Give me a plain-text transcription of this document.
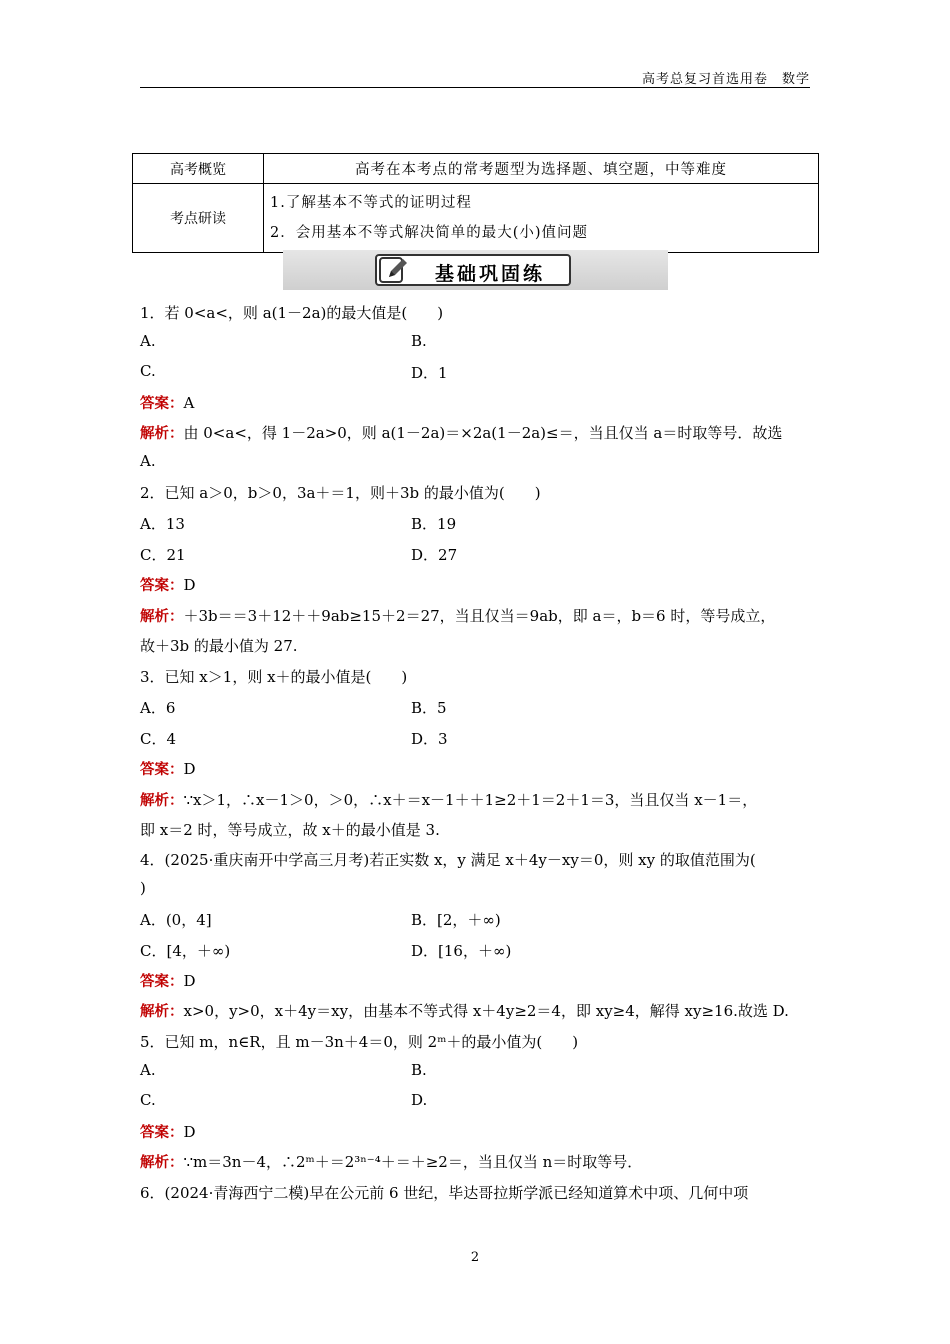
高考总复习首选用卷　数学
高考概览	高考在本考点的常考题型为选择题、填空题，中等难度
考点研读	1.了解基本不等式的证明过程
2．会用基本不等式解决简单的最大(小)值问题
基础巩固练
1．若 0<a<，则 a(1－2a)的最大值是(　　)
A.	B.
C.	D．1
答案：A
解析：由 0<a<，得 1－2a>0，则 a(1－2a)＝×2a(1－2a)≤＝，当且仅当 a＝时取等号．故选
A.
2．已知 a＞0，b＞0，3a＋＝1，则＋3b 的最小值为(　　)
A．13	B．19
C．21	D．27
答案：D
解析：＋3b＝＝3＋12＋＋9ab≥15＋2＝27，当且仅当＝9ab，即 a＝，b＝6 时，等号成立，
故＋3b 的最小值为 27.
3．已知 x＞1，则 x＋的最小值是(　　)
A．6	B．5
C．4	D．3
答案：D
解析：∵x＞1，∴x－1＞0，＞0，∴x＋＝x－1＋＋1≥2＋1＝2＋1＝3，当且仅当 x－1＝，
即 x＝2 时，等号成立，故 x＋的最小值是 3.
4．(2025·重庆南开中学高三月考)若正实数 x，y 满足 x＋4y－xy＝0，则 xy 的取值范围为(
)
A．(0，4]	B．[2，＋∞)
C．[4，＋∞)	D．[16，＋∞)
答案：D
解析：x>0，y>0，x＋4y＝xy，由基本不等式得 x＋4y≥2＝4，即 xy≥4，解得 xy≥16.故选 D.
5．已知 m，n∈R，且 m－3n＋4＝0，则 2ᵐ＋的最小值为(　　)
A.	B.
C.	D.
答案：D
解析：∵m＝3n－4，∴2ᵐ＋＝2³ⁿ⁻⁴＋＝＋≥2＝，当且仅当 n＝时取等号．
6．(2024·青海西宁二模)早在公元前 6 世纪，毕达哥拉斯学派已经知道算术中项、几何中项
2
